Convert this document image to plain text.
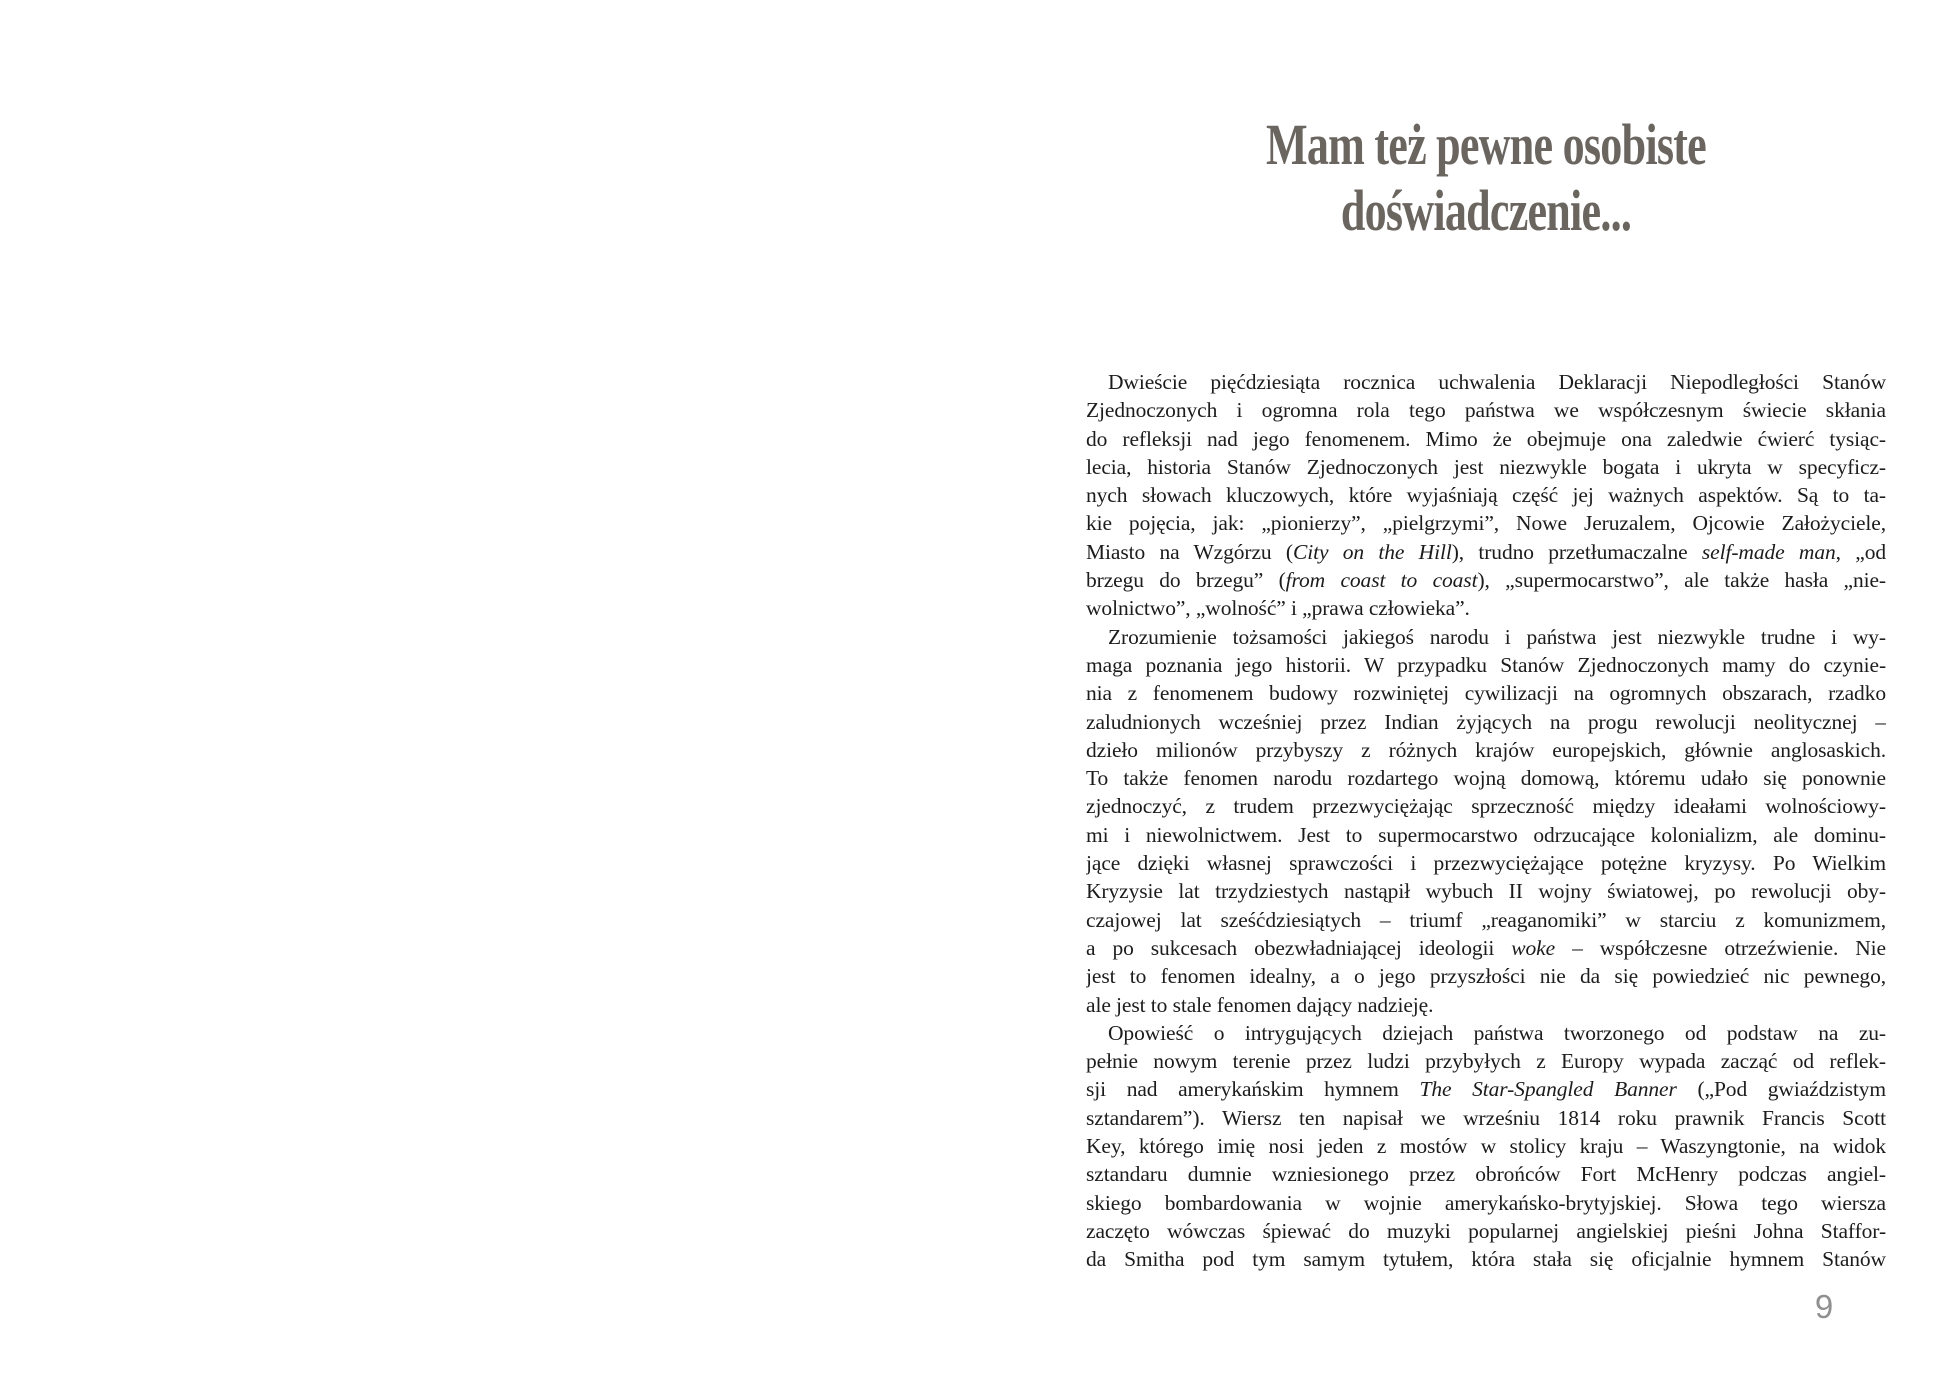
Mam też pewne osobiste
doświadczenie...
Dwieście pięćdziesiąta rocznica uchwalenia Deklaracji Niepodległości Stanów
Zjednoczonych i ogromna rola tego państwa we współczesnym świecie skłania
do refleksji nad jego fenomenem. Mimo że obejmuje ona zaledwie ćwierć tysiąc-
lecia, historia Stanów Zjednoczonych jest niezwykle bogata i ukryta w specyficz-
nych słowach kluczowych, które wyjaśniają część jej ważnych aspektów. Są to ta-
kie pojęcia, jak: „pionierzy”, „pielgrzymi”, Nowe Jeruzalem, Ojcowie Założyciele,
Miasto na Wzgórzu (City on the Hill), trudno przetłumaczalne self-made man, „od
brzegu do brzegu” (from coast to coast), „supermocarstwo”, ale także hasła „nie-
wolnictwo”, „wolność” i „prawa człowieka”.
Zrozumienie tożsamości jakiegoś narodu i państwa jest niezwykle trudne i wy-
maga poznania jego historii. W przypadku Stanów Zjednoczonych mamy do czynie-
nia z fenomenem budowy rozwiniętej cywilizacji na ogromnych obszarach, rzadko
zaludnionych wcześniej przez Indian żyjących na progu rewolucji neolitycznej –
dzieło milionów przybyszy z różnych krajów europejskich, głównie anglosaskich.
To także fenomen narodu rozdartego wojną domową, któremu udało się ponownie
zjednoczyć, z trudem przezwyciężając sprzeczność między ideałami wolnościowy-
mi i niewolnictwem. Jest to supermocarstwo odrzucające kolonializm, ale dominu-
jące dzięki własnej sprawczości i przezwyciężające potężne kryzysy. Po Wielkim
Kryzysie lat trzydziestych nastąpił wybuch II wojny światowej, po rewolucji oby-
czajowej lat sześćdziesiątych – triumf „reaganomiki” w starciu z komunizmem,
a po sukcesach obezwładniającej ideologii woke – współczesne otrzeźwienie. Nie
jest to fenomen idealny, a o jego przyszłości nie da się powiedzieć nic pewnego,
ale jest to stale fenomen dający nadzieję.
Opowieść o intrygujących dziejach państwa tworzonego od podstaw na zu-
pełnie nowym terenie przez ludzi przybyłych z Europy wypada zacząć od reflek-
sji nad amerykańskim hymnem The Star-Spangled Banner („Pod gwiaździstym
sztandarem”). Wiersz ten napisał we wrześniu 1814 roku prawnik Francis Scott
Key, którego imię nosi jeden z mostów w stolicy kraju – Waszyngtonie, na widok
sztandaru dumnie wzniesionego przez obrońców Fort McHenry podczas angiel-
skiego bombardowania w wojnie amerykańsko-brytyjskiej. Słowa tego wiersza
zaczęto wówczas śpiewać do muzyki popularnej angielskiej pieśni Johna Staffor-
da Smitha pod tym samym tytułem, która stała się oficjalnie hymnem Stanów
9
